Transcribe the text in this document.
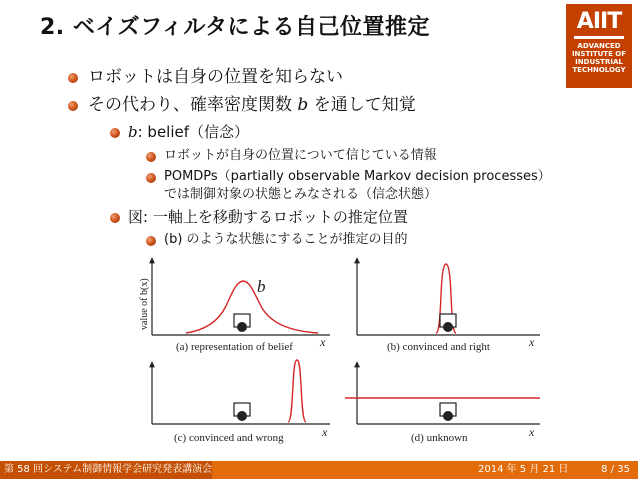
2. ベイズフィルタによる自己位置推定	AIIT
ADVANCED
INSTITUTE OF
INDUSTRIAL
TECHNOLOGY
ロボットは自身の位置を知らない
その代わり、確率密度関数 b を通して知覚
b: belief（信念）
ロボットが自身の位置について信じている情報
POMDPs（partially observable Markov decision processes）
では制御対象の状態とみなされる（信念状態）
図: 一軸上を移動するロボットの推定位置
(b) のような状態にすることが推定の目的
value of b(x)	b
(a) representation of belief x	(b) convinced and right	x
(c) convinced and wrong	x	(d) unknown	x
第 58 回システム制御情報学会研究発表講演会	2014 年 5 月 21 日	8 / 35
